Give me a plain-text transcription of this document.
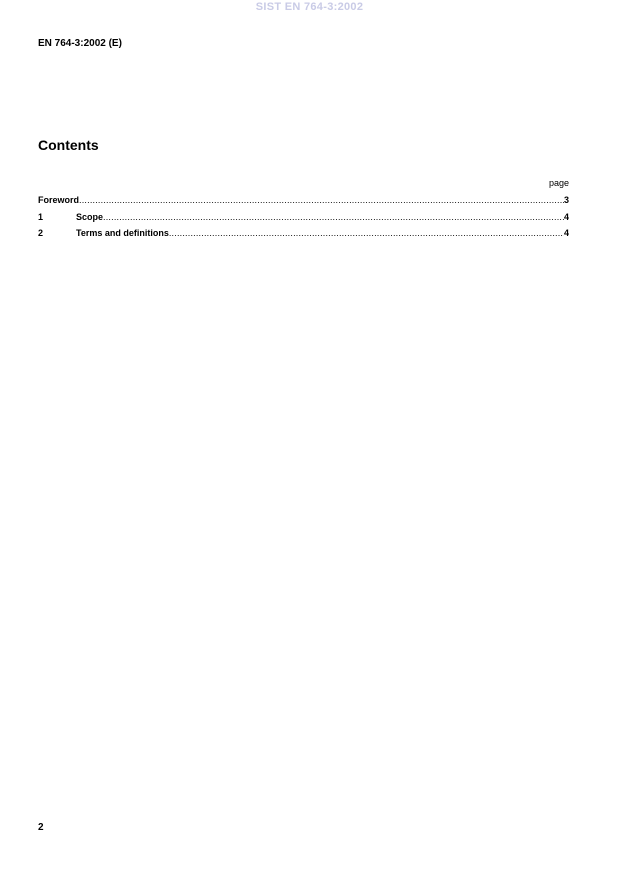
SIST EN 764-3:2002
EN 764-3:2002 (E)
Contents
page
Foreword .....	3
1	Scope .....	4
2	Terms and definitions .....	4
2
